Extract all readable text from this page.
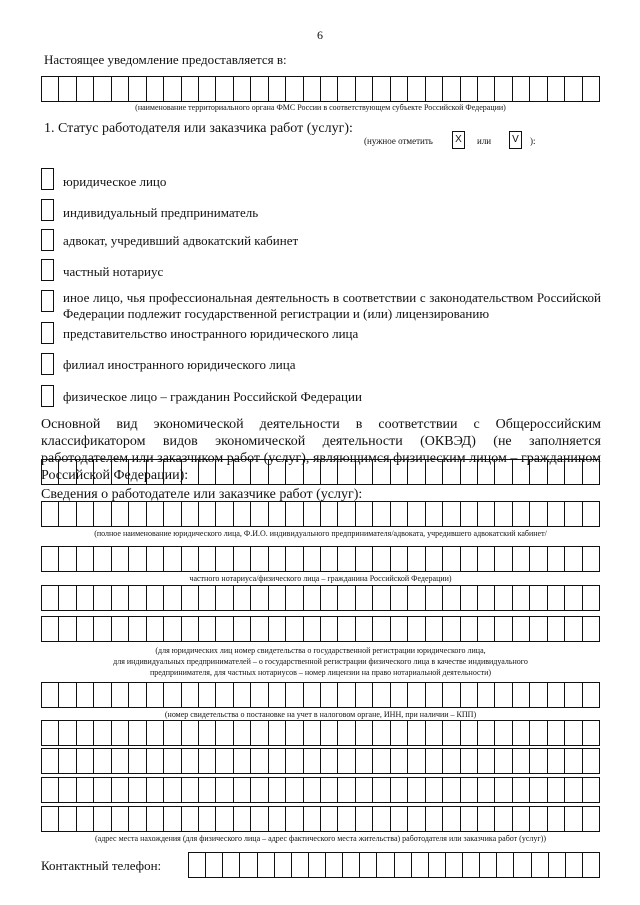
6
Настоящее уведомление предоставляется в:
(наименование территориального органа ФМС России в соответствующем субъекте Российской Федерации)
1. Статус работодателя или заказчика работ (услуг):
(нужное отметить	X	или	V	):
юридическое лицо
индивидуальный предприниматель
адвокат, учредивший адвокатский кабинет
частный нотариус
иное лицо, чья профессиональная деятельность в соответствии с законодательством Российской Федерации подлежит государственной регистрации и (или) лицензированию
представительство иностранного юридического лица
филиал иностранного юридического лица
физическое лицо – гражданин Российской Федерации
Основной вид экономической деятельности в соответствии с Общероссийским классификатором видов экономической деятельности (ОКВЭД) (не заполняется работодателем или заказчиком работ (услуг), являющимся физическим лицом – гражданином Российской Федерации):
Сведения о работодателе или заказчике работ (услуг):
(полное наименование юридического лица, Ф.И.О. индивидуального предпринимателя/адвоката, учредившего адвокатский кабинет/
частного нотариуса/физического лица – гражданина Российской Федерации)
(для юридических лиц номер свидетельства о государственной регистрации юридического лица,
для индивидуальных предпринимателей – о государственной регистрации физического лица в качестве индивидуального
предпринимателя, для частных нотариусов – номер лицензии на право нотариальной деятельности)
(номер свидетельства о постановке на учет в налоговом органе, ИНН, при наличии – КПП)
(адрес места нахождения (для физического лица – адрес фактического места жительства) работодателя или заказчика работ (услуг))
Контактный телефон:
